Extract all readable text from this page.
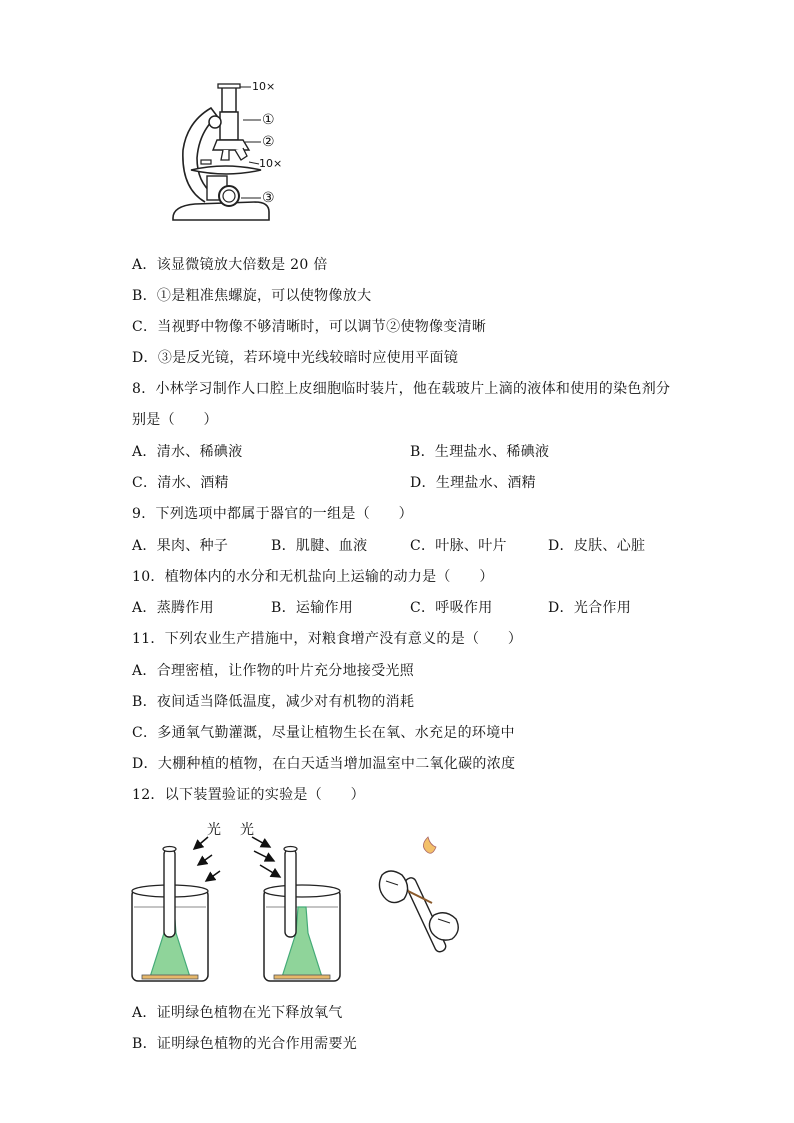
10×
①
②
10×
③
A．该显微镜放大倍数是 20 倍
B．①是粗准焦螺旋，可以使物像放大
C．当视野中物像不够清晰时，可以调节②使物像变清晰
D．③是反光镜，若环境中光线较暗时应使用平面镜
8．小林学习制作人口腔上皮细胞临时装片，他在载玻片上滴的液体和使用的染色剂分
别是（　　）
A．清水、稀碘液	B．生理盐水、稀碘液
C．清水、酒精	D．生理盐水、酒精
9．下列选项中都属于器官的一组是（　　）
A．果肉、种子	B．肌腱、血液	C．叶脉、叶片	D．皮肤、心脏
10．植物体内的水分和无机盐向上运输的动力是（　　）
A．蒸腾作用	B．运输作用	C．呼吸作用	D．光合作用
11．下列农业生产措施中，对粮食增产没有意义的是（　　）
A．合理密植，让作物的叶片充分地接受光照
B．夜间适当降低温度，减少对有机物的消耗
C．多通氧气勤灌溉，尽量让植物生长在氧、水充足的环境中
D．大棚种植的植物，在白天适当增加温室中二氧化碳的浓度
12．以下装置验证的实验是（　　）
光 光
A．证明绿色植物在光下释放氧气
B．证明绿色植物的光合作用需要光
